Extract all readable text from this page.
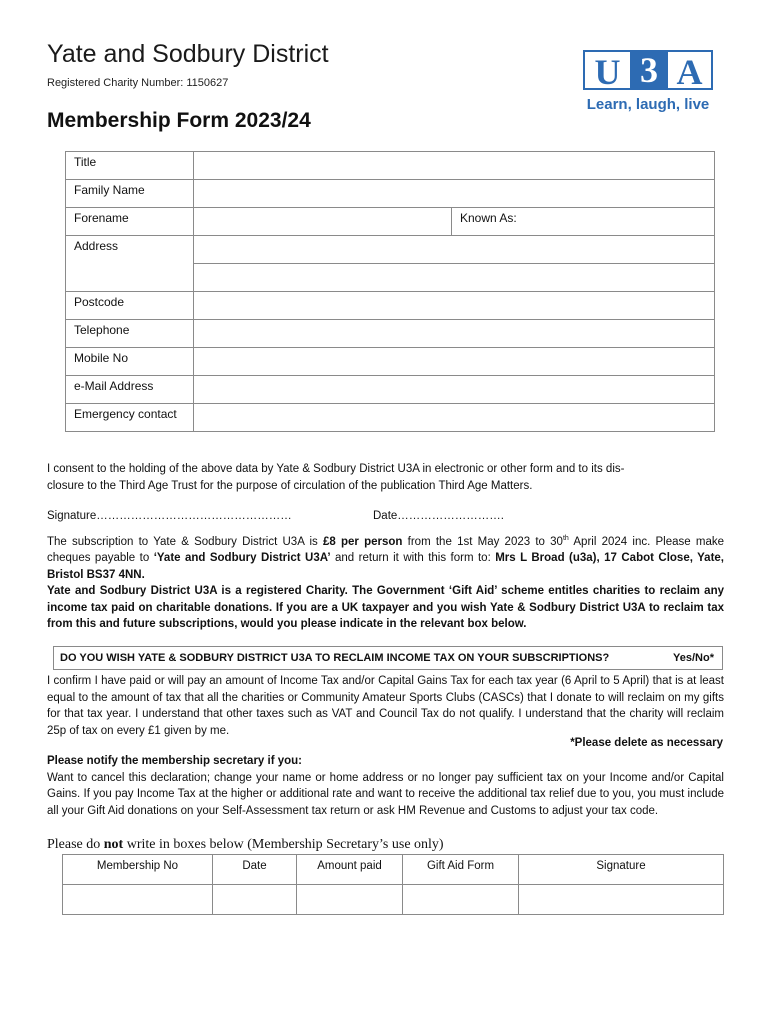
Yate and Sodbury District
Registered Charity Number: 1150627
Membership Form 2023/24
U 3 A
Learn, laugh, live
Title		
Family Name		
Forename		Known As:
Address		

Postcode		
Telephone		
Mobile No		
e-Mail Address		
Emergency contact		
I consent to the holding of the above data by Yate & Sodbury District U3A in electronic or other form and to its dis-
closure to the Third Age Trust for the purpose of circulation of the publication Third Age Matters.
Signature……………………………………………	Date……………………….
The subscription to Yate & Sodbury District U3A is £8 per person from the 1st May 2023 to 30th April 2024 inc. Please make cheques payable to ‘Yate and Sodbury District U3A’ and return it with this form to: Mrs L Broad (u3a), 17 Cabot Close, Yate, Bristol BS37 4NN.
Yate and Sodbury District U3A is a registered Charity. The Government ‘Gift Aid’ scheme entitles charities to reclaim any income tax paid on charitable donations. If you are a UK taxpayer and you wish Yate & Sodbury District U3A to reclaim tax from this and future subscriptions, would you please indicate in the relevant box below.
DO YOU WISH YATE & SODBURY DISTRICT U3A TO RECLAIM INCOME TAX ON YOUR SUBSCRIPTIONS?	Yes/No*
I confirm I have paid or will pay an amount of Income Tax and/or Capital Gains Tax for each tax year (6 April to 5 April) that is at least equal to the amount of tax that all the charities or Community Amateur Sports Clubs (CASCs) that I donate to will reclaim on my gifts for that tax year. I understand that other taxes such as VAT and Council Tax do not qualify. I understand that the charity will reclaim 25p of tax on every £1 given by me.
*Please delete as necessary
Please notify the membership secretary if you:
Want to cancel this declaration; change your name or home address or no longer pay sufficient tax on your Income and/or Capital Gains. If you pay Income Tax at the higher or additional rate and want to receive the additional tax relief due to you, you must include all your Gift Aid donations on your Self-Assessment tax return or ask HM Revenue and Customs to adjust your tax code.
Please do not write in boxes below (Membership Secretary’s use only)
Membership No	Date	Amount paid	Gift Aid Form	Signature
